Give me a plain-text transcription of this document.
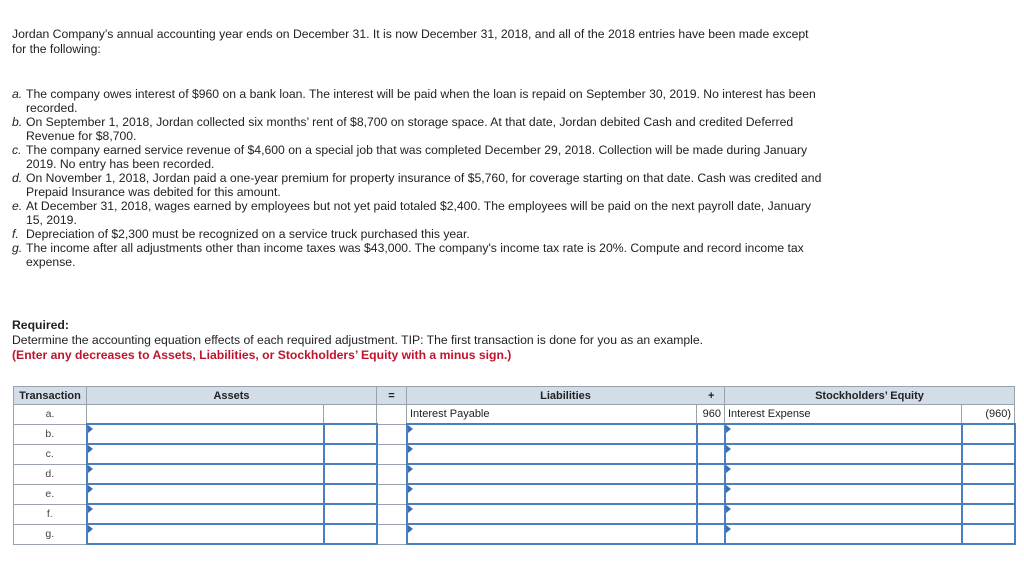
Jordan Company’s annual accounting year ends on December 31. It is now December 31, 2018, and all of the 2018 entries have been made except for the following:

a. The company owes interest of $960 on a bank loan. The interest will be paid when the loan is repaid on September 30, 2019. No interest has been recorded.

b. On September 1, 2018, Jordan collected six months’ rent of $8,700 on storage space. At that date, Jordan debited Cash and credited Deferred Revenue for $8,700.

c. The company earned service revenue of $4,600 on a special job that was completed December 29, 2018. Collection will be made during January 2019. No entry has been recorded.

d. On November 1, 2018, Jordan paid a one-year premium for property insurance of $5,760, for coverage starting on that date. Cash was credited and Prepaid Insurance was debited for this amount.

e. At December 31, 2018, wages earned by employees but not yet paid totaled $2,400. The employees will be paid on the next payroll date, January 15, 2019.

f. Depreciation of $2,300 must be recognized on a service truck purchased this year.

g. The income after all adjustments other than income taxes was $43,000. The company's income tax rate is 20%. Compute and record income tax expense.

Required:
Determine the accounting equation effects of each required adjustment. TIP: The first transaction is done for you as an example.
(Enter any decreases to Assets, Liabilities, or Stockholders’ Equity with a minus sign.)
Transaction	Assets		=	Liabilities		+ Stockholders’ Equity	
a.				Interest Payable	960	Interest Expense	(960)
b.	

c.	

d.	

e.	

f.	

g.	
